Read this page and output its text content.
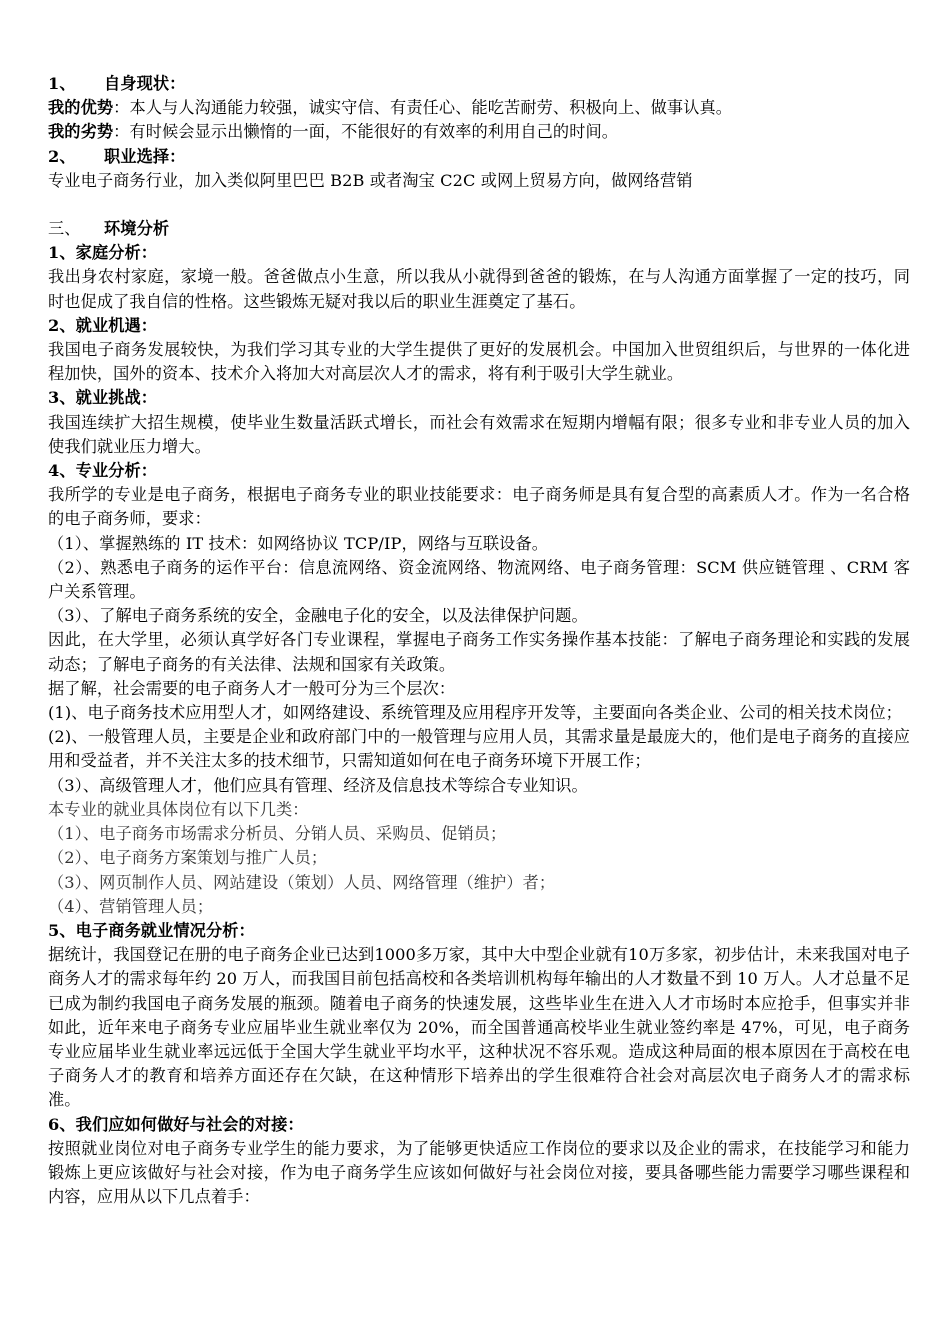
1、 自身现状：

我的优势：本人与人沟通能力较强，诚实守信、有责任心、能吃苦耐劳、积极向上、做事认真。

我的劣势：有时候会显示出懒惰的一面，不能很好的有效率的利用自己的时间。

2、 职业选择：

专业电子商务行业，加入类似阿里巴巴 B2B 或者淘宝 C2C 或网上贸易方向，做网络营销

三、 环境分析

1、家庭分析：

我出身农村家庭，家境一般。爸爸做点小生意，所以我从小就得到爸爸的锻炼，在与人沟通方面掌握了一定的技巧，同时也促成了我自信的性格。这些锻炼无疑对我以后的职业生涯奠定了基石。

2、就业机遇：

我国电子商务发展较快，为我们学习其专业的大学生提供了更好的发展机会。中国加入世贸组织后，与世界的一体化进程加快，国外的资本、技术介入将加大对高层次人才的需求，将有利于吸引大学生就业。

3、就业挑战：

我国连续扩大招生规模，使毕业生数量活跃式增长，而社会有效需求在短期内增幅有限；很多专业和非专业人员的加入使我们就业压力增大。

4、专业分析：

我所学的专业是电子商务，根据电子商务专业的职业技能要求：电子商务师是具有复合型的高素质人才。作为一名合格的电子商务师，要求：

（1）、掌握熟练的 IT 技术：如网络协议 TCP/IP，网络与互联设备。

（2）、熟悉电子商务的运作平台：信息流网络、资金流网络、物流网络、电子商务管理：SCM 供应链管理 、CRM 客户关系管理。

（3）、了解电子商务系统的安全，金融电子化的安全，以及法律保护问题。

因此，在大学里，必须认真学好各门专业课程，掌握电子商务工作实务操作基本技能：了解电子商务理论和实践的发展动态；了解电子商务的有关法律、法规和国家有关政策。

据了解，社会需要的电子商务人才一般可分为三个层次：

(1)、电子商务技术应用型人才，如网络建设、系统管理及应用程序开发等，主要面向各类企业、公司的相关技术岗位；

(2)、一般管理人员，主要是企业和政府部门中的一般管理与应用人员，其需求量是最庞大的，他们是电子商务的直接应用和受益者，并不关注太多的技术细节，只需知道如何在电子商务环境下开展工作；

（3）、高级管理人才，他们应具有管理、经济及信息技术等综合专业知识。

本专业的就业具体岗位有以下几类：

（1）、电子商务市场需求分析员、分销人员、采购员、促销员；

（2）、电子商务方案策划与推广人员；

（3）、网页制作人员、网站建设（策划）人员、网络管理（维护）者；

（4）、营销管理人员；

5、电子商务就业情况分析：

据统计，我国登记在册的电子商务企业已达到1000多万家，其中大中型企业就有10万多家，初步估计，未来我国对电子商务人才的需求每年约 20 万人，而我国目前包括高校和各类培训机构每年输出的人才数量不到 10 万人。人才总量不足已成为制约我国电子商务发展的瓶颈。随着电子商务的快速发展，这些毕业生在进入人才市场时本应抢手，但事实并非如此，近年来电子商务专业应届毕业生就业率仅为 20%，而全国普通高校毕业生就业签约率是 47%，可见，电子商务专业应届毕业生就业率远远低于全国大学生就业平均水平，这种状况不容乐观。造成这种局面的根本原因在于高校在电子商务人才的教育和培养方面还存在欠缺，在这种情形下培养出的学生很难符合社会对高层次电子商务人才的需求标准。

6、我们应如何做好与社会的对接：

按照就业岗位对电子商务专业学生的能力要求，为了能够更快适应工作岗位的要求以及企业的需求，在技能学习和能力锻炼上更应该做好与社会对接，作为电子商务学生应该如何做好与社会岗位对接，要具备哪些能力需要学习哪些课程和内容，应用从以下几点着手：
